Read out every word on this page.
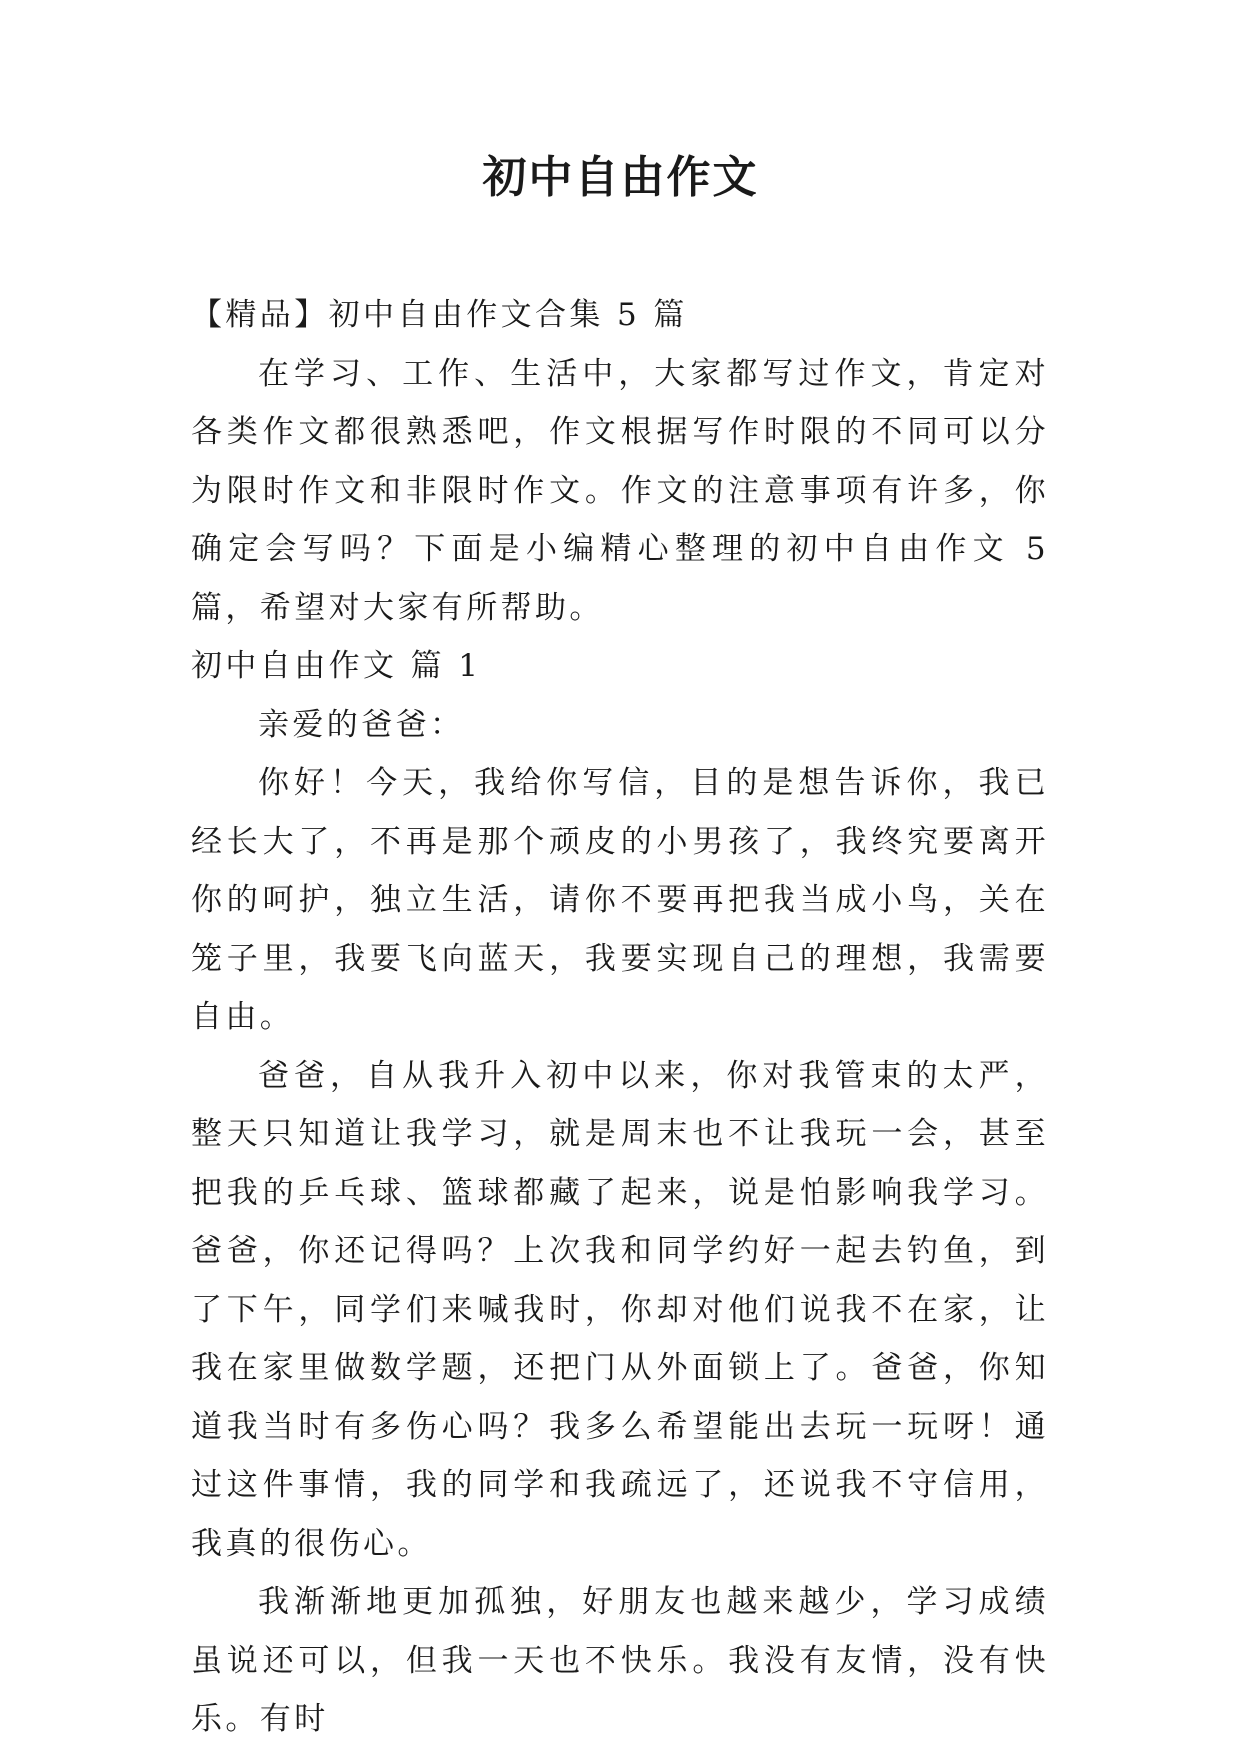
初中自由作文

【精品】初中自由作文合集 5 篇

在学习、工作、生活中，大家都写过作文，肯定对各类作文都很熟悉吧，作文根据写作时限的不同可以分为限时作文和非限时作文。作文的注意事项有许多，你确定会写吗？下面是小编精心整理的初中自由作文 5 篇，希望对大家有所帮助。

初中自由作文 篇 1

亲爱的爸爸：

你好！今天，我给你写信，目的是想告诉你，我已经长大了，不再是那个顽皮的小男孩了，我终究要离开你的呵护，独立生活，请你不要再把我当成小鸟，关在笼子里，我要飞向蓝天，我要实现自己的理想，我需要自由。

爸爸，自从我升入初中以来，你对我管束的太严，整天只知道让我学习，就是周末也不让我玩一会，甚至把我的乒乓球、篮球都藏了起来，说是怕影响我学习。爸爸，你还记得吗？上次我和同学约好一起去钓鱼，到了下午，同学们来喊我时，你却对他们说我不在家，让我在家里做数学题，还把门从外面锁上了。爸爸，你知道我当时有多伤心吗？我多么希望能出去玩一玩呀！通过这件事情，我的同学和我疏远了，还说我不守信用，我真的很伤心。

我渐渐地更加孤独，好朋友也越来越少，学习成绩虽说还可以，但我一天也不快乐。我没有友情，没有快乐。有时
